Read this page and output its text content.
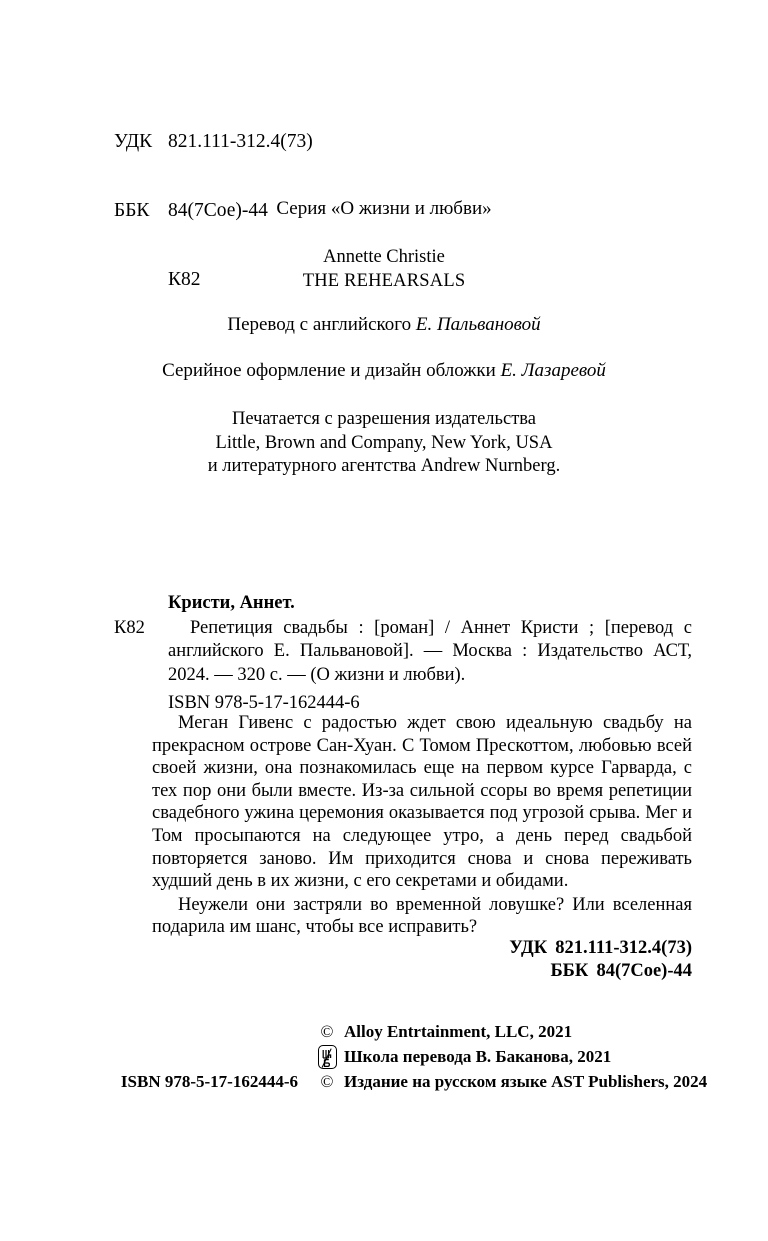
УДК 821.111-312.4(73)

ББК 84(7Сое)-44

К82

Серия «О жизни и любви»
Annette Christie
THE REHEARSALS
Перевод с английского Е. Пальвановой
Серийное оформление и дизайн обложки Е. Лазаревой
Печатается с разрешения издательства
Little, Brown and Company, New York, USA
и литературного агентства Andrew Nurnberg.
Кристи, Аннет.
К82	Репетиция свадьбы : [роман] / Аннет Кристи ; [перевод с английского Е. Пальвановой]. — Москва : Издательство АСТ, 2024. — 320 с. — (О жизни и любви).
ISBN 978-5-17-162444-6

Меган Гивенс с радостью ждет свою идеальную свадьбу на прекрасном острове Сан-Хуан. С Томом Прескоттом, любовью всей своей жизни, она познакомилась еще на первом курсе Гарварда, с тех пор они были вместе. Из-за сильной ссоры во время репетиции свадебного ужина церемония оказывается под угрозой срыва. Мег и Том просыпаются на следующее утро, а день перед свадьбой повторяется заново. Им приходится снова и снова переживать худший день в их жизни, с его секретами и обидами.

Неужели они застряли во временной ловушке? Или вселенная подарила им шанс, чтобы все исправить?

УДК 821.111-312.4(73)
ББК 84(7Сое)-44
© Alloy Entrtainment, LLC, 2021
Школа перевода В. Баканова, 2021
ISBN 978-5-17-162444-6	© Издание на русском языке AST Publishers, 2024
